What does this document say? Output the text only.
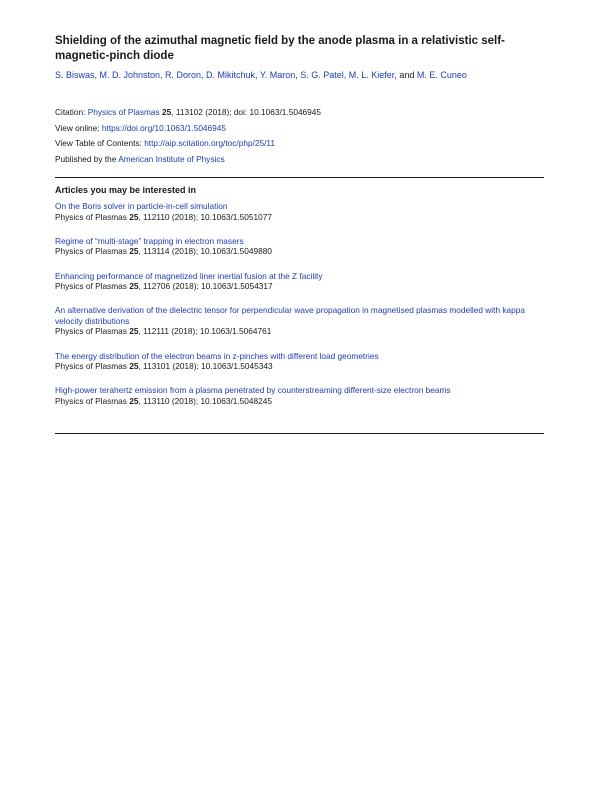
Shielding of the azimuthal magnetic field by the anode plasma in a relativistic self-magnetic-pinch diode

S. Biswas, M. D. Johnston, R. Doron, D. Mikitchuk, Y. Maron, S. G. Patel, M. L. Kiefer, and M. E. Cuneo

Citation: Physics of Plasmas 25, 113102 (2018); doi: 10.1063/1.5046945
View online: https://doi.org/10.1063/1.5046945
View Table of Contents: http://aip.scitation.org/toc/php/25/11
Published by the American Institute of Physics
Articles you may be interested in
On the Boris solver in particle-in-cell simulation
Physics of Plasmas 25, 112110 (2018); 10.1063/1.5051077
Regime of “multi-stage” trapping in electron masers
Physics of Plasmas 25, 113114 (2018); 10.1063/1.5049880
Enhancing performance of magnetized liner inertial fusion at the Z facility
Physics of Plasmas 25, 112706 (2018); 10.1063/1.5054317
An alternative derivation of the dielectric tensor for perpendicular wave propagation in magnetised plasmas modelled with kappa velocity distributions
Physics of Plasmas 25, 112111 (2018); 10.1063/1.5064761
The energy distribution of the electron beams in z-pinches with different load geometries
Physics of Plasmas 25, 113101 (2018); 10.1063/1.5045343
High-power terahertz emission from a plasma penetrated by counterstreaming different-size electron beams
Physics of Plasmas 25, 113110 (2018); 10.1063/1.5048245
